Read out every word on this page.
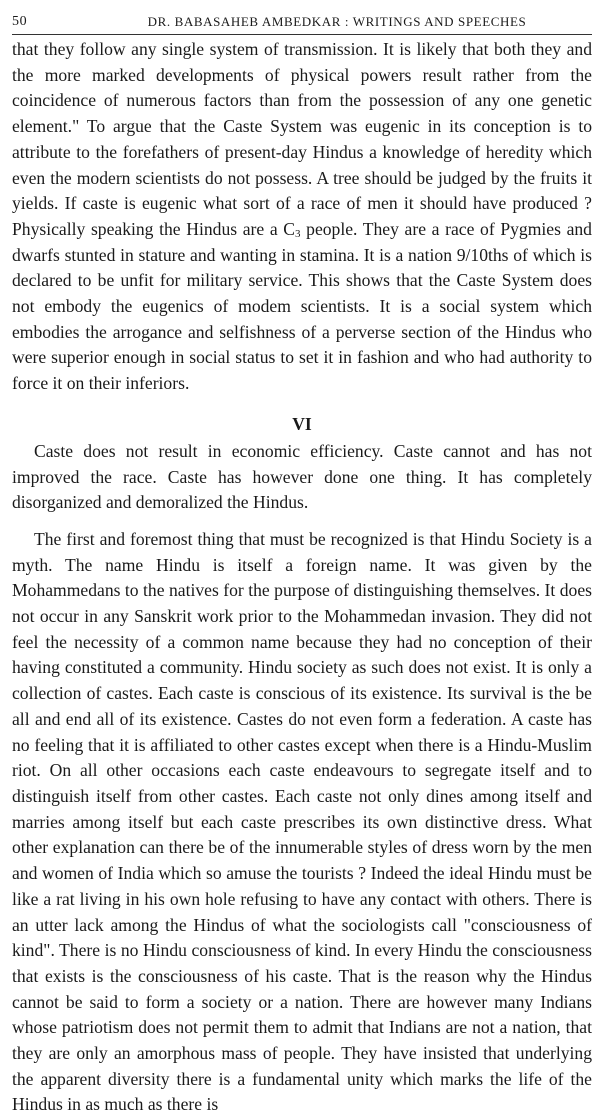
50	DR. BABASAHEB AMBEDKAR : WRITINGS AND SPEECHES

that they follow any single system of transmission. It is likely that both they and the more marked developments of physical powers result rather from the coincidence of numerous factors than from the possession of any one genetic element." To argue that the Caste System was eugenic in its conception is to attribute to the forefathers of present-day Hindus a knowledge of heredity which even the modern scientists do not possess. A tree should be judged by the fruits it yields. If caste is eugenic what sort of a race of men it should have produced ? Physically speaking the Hindus are a $C_3$ people. They are a race of Pygmies and dwarfs stunted in stature and wanting in stamina. It is a nation 9/10ths of which is declared to be unfit for military service. This shows that the Caste System does not embody the eugenics of modem scientists. It is a social system which embodies the arrogance and selfishness of a perverse section of the Hindus who were superior enough in social status to set it in fashion and who had authority to force it on their inferiors.

VI

Caste does not result in economic efficiency. Caste cannot and has not improved the race. Caste has however done one thing. It has completely disorganized and demoralized the Hindus.

The first and foremost thing that must be recognized is that Hindu Society is a myth. The name Hindu is itself a foreign name. It was given by the Mohammedans to the natives for the purpose of distinguishing themselves. It does not occur in any Sanskrit work prior to the Mohammedan invasion. They did not feel the necessity of a common name because they had no conception of their having constituted a community. Hindu society as such does not exist. It is only a collection of castes. Each caste is conscious of its existence. Its survival is the be all and end all of its existence. Castes do not even form a federation. A caste has no feeling that it is affiliated to other castes except when there is a Hindu-Muslim riot. On all other occasions each caste endeavours to segregate itself and to distinguish itself from other castes. Each caste not only dines among itself and marries among itself but each caste prescribes its own distinctive dress. What other explanation can there be of the innumerable styles of dress worn by the men and women of India which so amuse the tourists ? Indeed the ideal Hindu must be like a rat living in his own hole refusing to have any contact with others. There is an utter lack among the Hindus of what the sociologists call "consciousness of kind". There is no Hindu consciousness of kind. In every Hindu the consciousness that exists is the consciousness of his caste. That is the reason why the Hindus cannot be said to form a society or a nation. There are however many Indians whose patriotism does not permit them to admit that Indians are not a nation, that they are only an amorphous mass of people. They have insisted that underlying the apparent diversity there is a fundamental unity which marks the life of the Hindus in as much as there is
